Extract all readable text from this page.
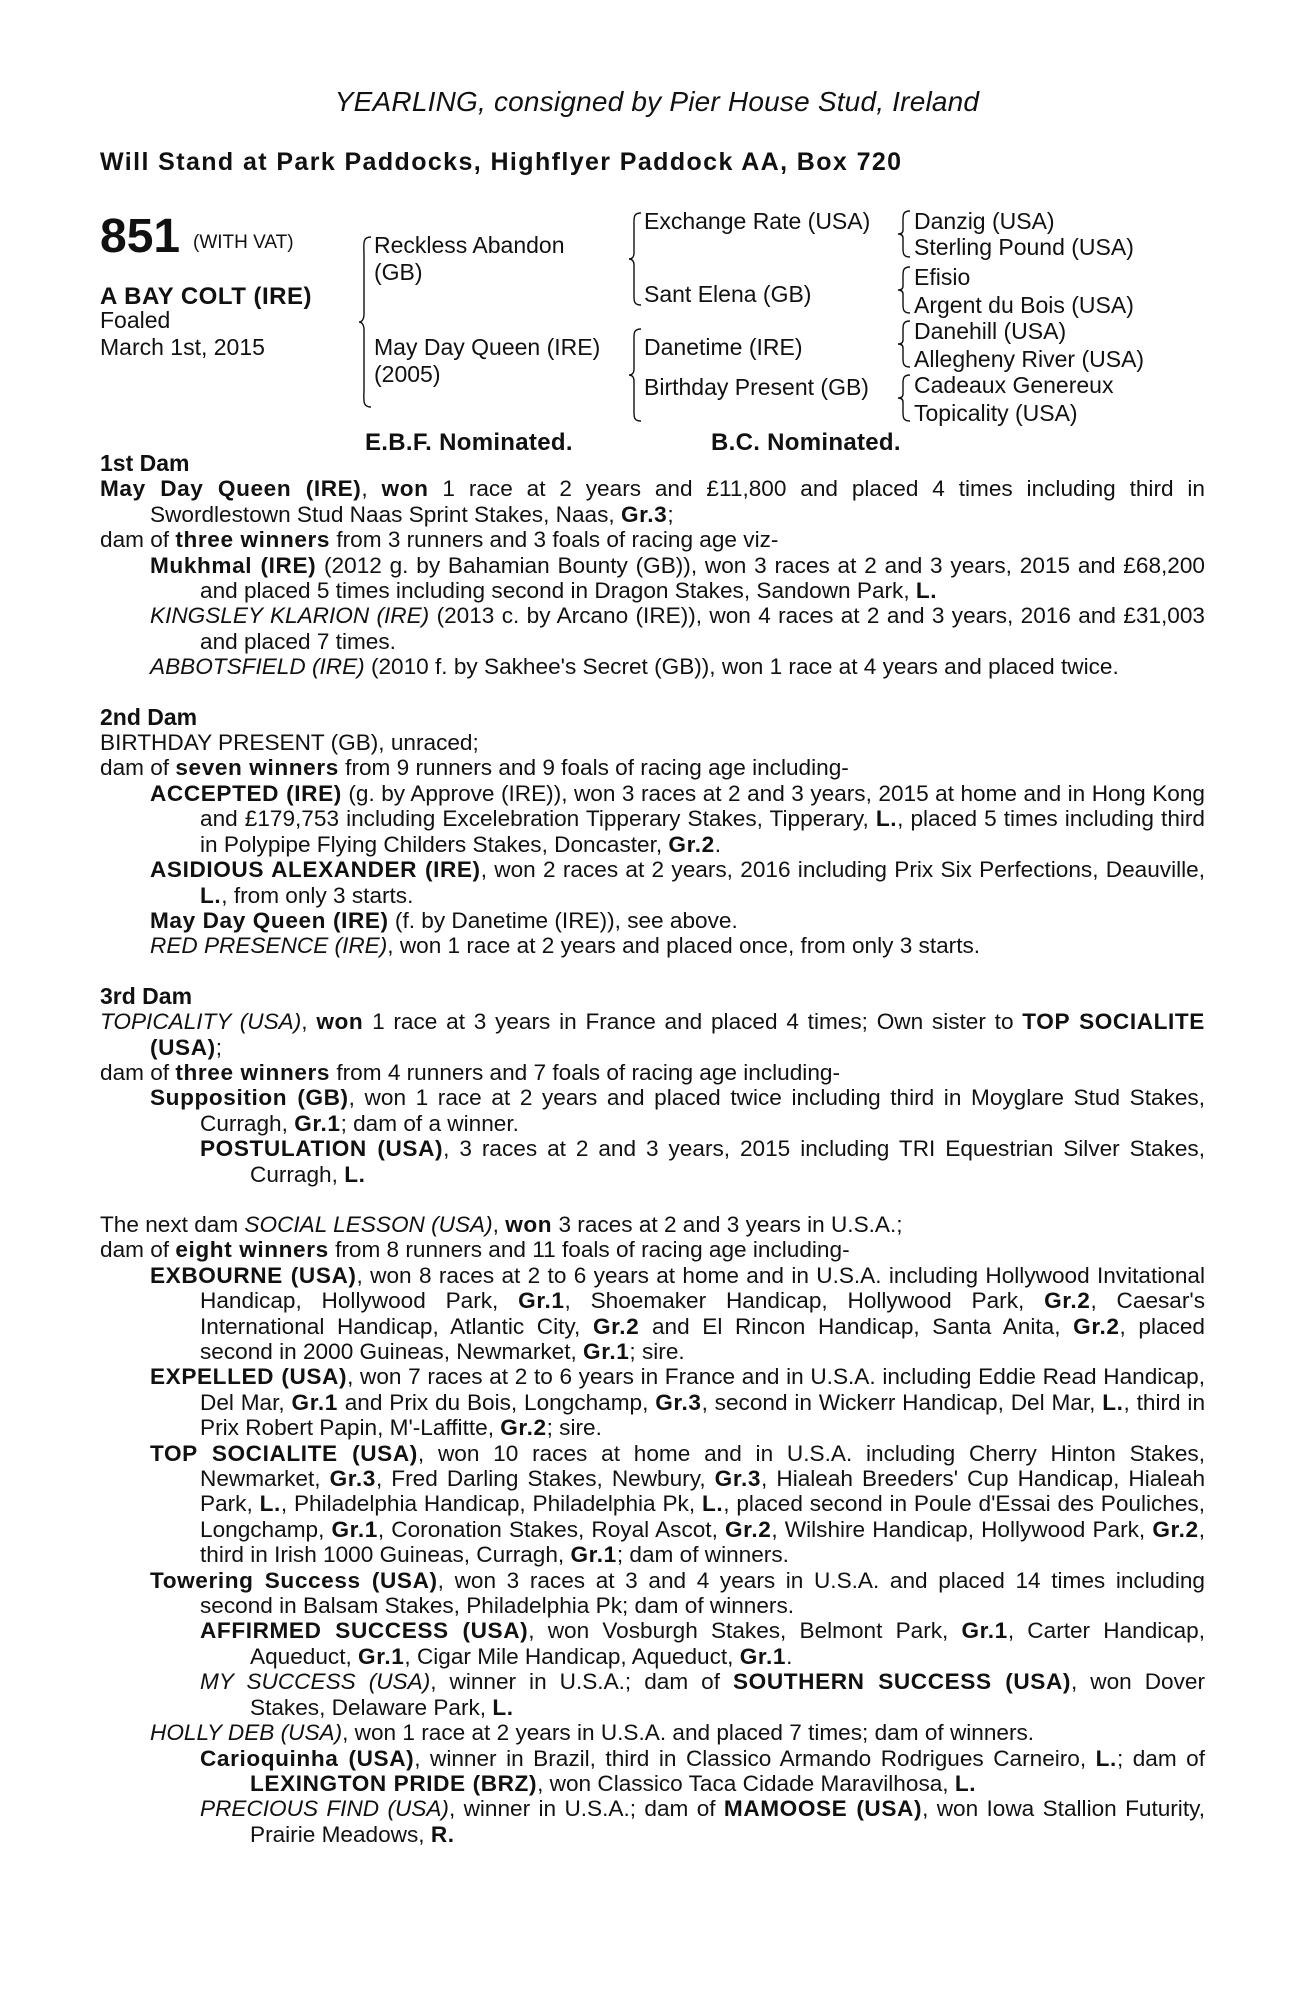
YEARLING, consigned by Pier House Stud, Ireland
Will Stand at Park Paddocks, Highflyer Paddock AA, Box 720
851 (WITH VAT)
A BAY COLT (IRE)
Foaled
March 1st, 2015
Reckless Abandon (GB)
May Day Queen (IRE) (2005)
Exchange Rate (USA)
Sant Elena (GB)
Danetime (IRE)
Birthday Present (GB)
Danzig (USA)
Sterling Pound (USA)
Efisio
Argent du Bois (USA)
Danehill (USA)
Allegheny River (USA)
Cadeaux Genereux
Topicality (USA)
E.B.F. Nominated.	B.C. Nominated.

1st Dam

May Day Queen (IRE), won 1 race at 2 years and £11,800 and placed 4 times including third in Swordlestown Stud Naas Sprint Stakes, Naas, Gr.3;

dam of three winners from 3 runners and 3 foals of racing age viz-

Mukhmal (IRE) (2012 g. by Bahamian Bounty (GB)), won 3 races at 2 and 3 years, 2015 and £68,200 and placed 5 times including second in Dragon Stakes, Sandown Park, L.

KINGSLEY KLARION (IRE) (2013 c. by Arcano (IRE)), won 4 races at 2 and 3 years, 2016 and £31,003 and placed 7 times.

ABBOTSFIELD (IRE) (2010 f. by Sakhee's Secret (GB)), won 1 race at 4 years and placed twice.

2nd Dam

BIRTHDAY PRESENT (GB), unraced;

dam of seven winners from 9 runners and 9 foals of racing age including-

ACCEPTED (IRE) (g. by Approve (IRE)), won 3 races at 2 and 3 years, 2015 at home and in Hong Kong and £179,753 including Excelebration Tipperary Stakes, Tipperary, L., placed 5 times including third in Polypipe Flying Childers Stakes, Doncaster, Gr.2.

ASIDIOUS ALEXANDER (IRE), won 2 races at 2 years, 2016 including Prix Six Perfections, Deauville, L., from only 3 starts.

May Day Queen (IRE) (f. by Danetime (IRE)), see above.

RED PRESENCE (IRE), won 1 race at 2 years and placed once, from only 3 starts.

3rd Dam

TOPICALITY (USA), won 1 race at 3 years in France and placed 4 times; Own sister to TOP SOCIALITE (USA);

dam of three winners from 4 runners and 7 foals of racing age including-

Supposition (GB), won 1 race at 2 years and placed twice including third in Moyglare Stud Stakes, Curragh, Gr.1; dam of a winner.

POSTULATION (USA), 3 races at 2 and 3 years, 2015 including TRI Equestrian Silver Stakes, Curragh, L.

The next dam SOCIAL LESSON (USA), won 3 races at 2 and 3 years in U.S.A.;

dam of eight winners from 8 runners and 11 foals of racing age including-

EXBOURNE (USA), won 8 races at 2 to 6 years at home and in U.S.A. including Hollywood Invitational Handicap, Hollywood Park, Gr.1, Shoemaker Handicap, Hollywood Park, Gr.2, Caesar's International Handicap, Atlantic City, Gr.2 and El Rincon Handicap, Santa Anita, Gr.2, placed second in 2000 Guineas, Newmarket, Gr.1; sire.

EXPELLED (USA), won 7 races at 2 to 6 years in France and in U.S.A. including Eddie Read Handicap, Del Mar, Gr.1 and Prix du Bois, Longchamp, Gr.3, second in Wickerr Handicap, Del Mar, L., third in Prix Robert Papin, M'-Laffitte, Gr.2; sire.

TOP SOCIALITE (USA), won 10 races at home and in U.S.A. including Cherry Hinton Stakes, Newmarket, Gr.3, Fred Darling Stakes, Newbury, Gr.3, Hialeah Breeders' Cup Handicap, Hialeah Park, L., Philadelphia Handicap, Philadelphia Pk, L., placed second in Poule d'Essai des Pouliches, Longchamp, Gr.1, Coronation Stakes, Royal Ascot, Gr.2, Wilshire Handicap, Hollywood Park, Gr.2, third in Irish 1000 Guineas, Curragh, Gr.1; dam of winners.

Towering Success (USA), won 3 races at 3 and 4 years in U.S.A. and placed 14 times including second in Balsam Stakes, Philadelphia Pk; dam of winners.

AFFIRMED SUCCESS (USA), won Vosburgh Stakes, Belmont Park, Gr.1, Carter Handicap, Aqueduct, Gr.1, Cigar Mile Handicap, Aqueduct, Gr.1.

MY SUCCESS (USA), winner in U.S.A.; dam of SOUTHERN SUCCESS (USA), won Dover Stakes, Delaware Park, L.

HOLLY DEB (USA), won 1 race at 2 years in U.S.A. and placed 7 times; dam of winners.

Carioquinha (USA), winner in Brazil, third in Classico Armando Rodrigues Carneiro, L.; dam of LEXINGTON PRIDE (BRZ), won Classico Taca Cidade Maravilhosa, L.

PRECIOUS FIND (USA), winner in U.S.A.; dam of MAMOOSE (USA), won Iowa Stallion Futurity, Prairie Meadows, R.
